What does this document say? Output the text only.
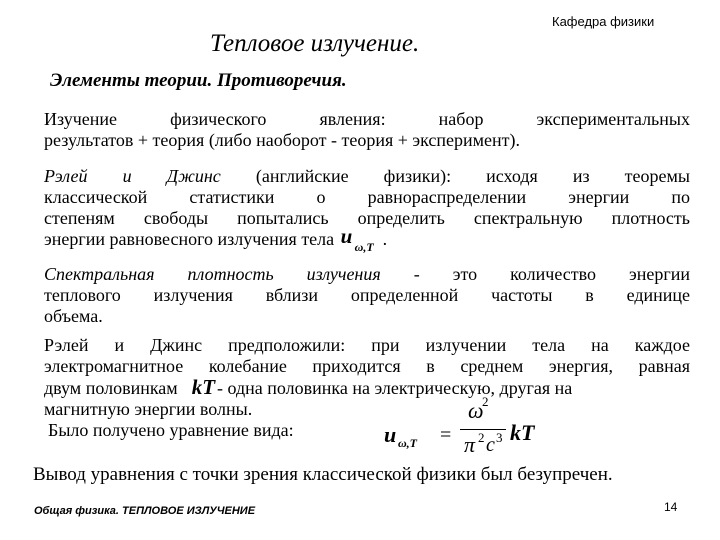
Кафедра физики
Тепловое излучение.
Элементы теории. Противоречия.
Изучение физического явления: набор экспериментальных
результатов + теория (либо наоборот - теория + эксперимент).
Рэлей и Джинс (английские физики): исходя из теоремы
классической статистики о равнораспределении энергии по
степеням свободы попытались определить спектральную плотность
энергии равновесного излучения тела u ω,T .
Спектральная плотность излучения - это количество энергии
теплового излучения вблизи определенной частоты в единице
объема.
Рэлей и Джинс предположили: при излучении тела на каждое
электромагнитное колебание приходится в среднем энергия, равная
двум половинкам kT - одна половинка на электрическую, другая на
магнитную энергии волны.
Было получено уравнение вида:	u ω,T =
ω
2
π 2 c 3 kT
Вывод уравнения с точки зрения классической физики был безупречен.
Общая физика. ТЕПЛОВОЕ ИЗЛУЧЕНИЕ	14
